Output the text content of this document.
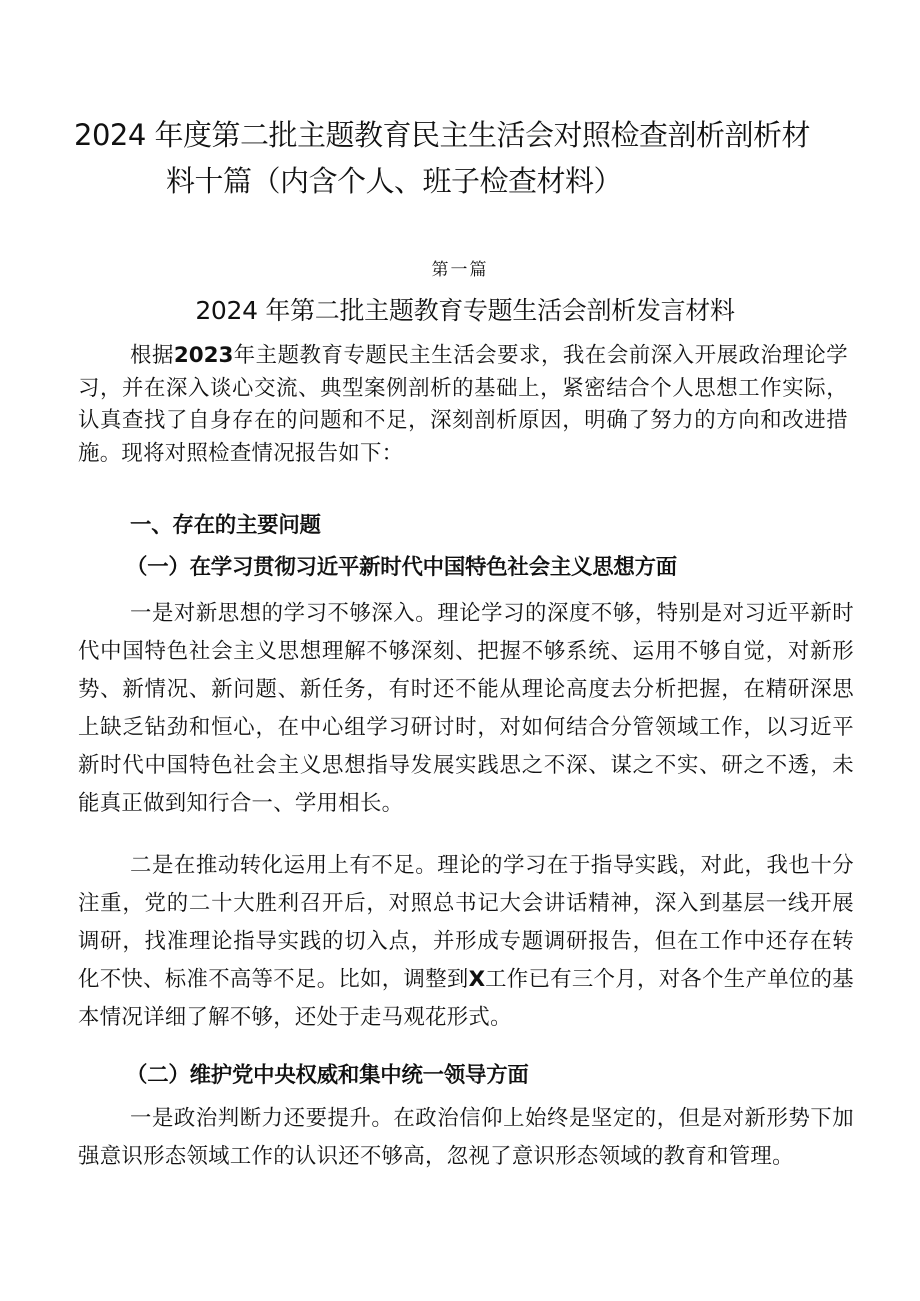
2024 年度第二批主题教育民主生活会对照检查剖析剖析材
料十篇（内含个人、班子检查材料）
第一篇
2024 年第二批主题教育专题生活会剖析发言材料

根据2023年主题教育专题民主生活会要求，我在会前深入开展政治理论学习，并在深入谈心交流、典型案例剖析的基础上，紧密结合个人思想工作实际，认真查找了自身存在的问题和不足，深刻剖析原因，明确了努力的方向和改进措施。现将对照检查情况报告如下：

一、存在的主要问题
（一）在学习贯彻习近平新时代中国特色社会主义思想方面

一是对新思想的学习不够深入。理论学习的深度不够，特别是对习近平新时代中国特色社会主义思想理解不够深刻、把握不够系统、运用不够自觉，对新形势、新情况、新问题、新任务，有时还不能从理论高度去分析把握，在精研深思上缺乏钻劲和恒心，在中心组学习研讨时，对如何结合分管领域工作，以习近平新时代中国特色社会主义思想指导发展实践思之不深、谋之不实、研之不透，未能真正做到知行合一、学用相长。

二是在推动转化运用上有不足。理论的学习在于指导实践，对此，我也十分注重，党的二十大胜利召开后，对照总书记大会讲话精神，深入到基层一线开展调研，找准理论指导实践的切入点，并形成专题调研报告，但在工作中还存在转化不快、标准不高等不足。比如，调整到X工作已有三个月，对各个生产单位的基本情况详细了解不够，还处于走马观花形式。

（二）维护党中央权威和集中统一领导方面

一是政治判断力还要提升。在政治信仰上始终是坚定的，但是对新形势下加强意识形态领域工作的认识还不够高，忽视了意识形态领域的教育和管理。
